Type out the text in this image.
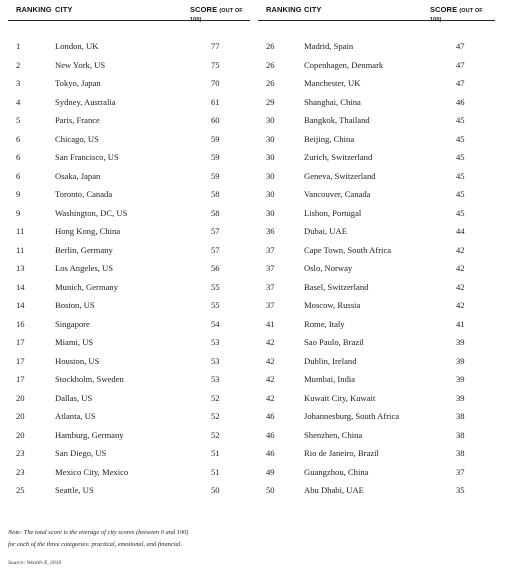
RANKING CITY	SCORE (OUT OF 100)
1	London, UK	77
2	New York, US	75
3	Tokyo, Japan	70
4	Sydney, Australia	61
5	Paris, France	60
6	Chicago, US	59
6	San Francisco, US	59
6	Osaka, Japan	59
9	Toronto, Canada	58
9	Washington, DC, US	58
11	Hong Kong, China	57
11	Berlin, Germany	57
13	Los Angeles, US	56
14	Munich, Germany	55
14	Boston, US	55
16	Singapore	54
17	Miami, US	53
17	Houston, US	53
17	Stockholm, Sweden	53
20	Dallas, US	52
20	Atlanta, US	52
20	Hamburg, Germany	52
23	San Diego, US	51
23	Mexico City, Mexico	51
25	Seattle, US	50
RANKING CITY	SCORE (OUT OF 100)
26	Madrid, Spain	47
26	Copenhagen, Denmark	47
26	Manchester, UK	47
29	Shanghai, China	46
30	Bangkok, Thailand	45
30	Beijing, China	45
30	Zurich, Switzerland	45
30	Geneva, Switzerland	45
30	Vancouver, Canada	45
30	Lisbon, Portugal	45
36	Dubai, UAE	44
37	Cape Town, South Africa	42
37	Oslo, Norway	42
37	Basel, Switzerland	42
37	Moscow, Russia	42
41	Rome, Italy	41
42	Sao Paulo, Brazil	39
42	Dublin, Ireland	39
42	Mumbai, India	39
42	Kuwait City, Kuwait	39
46	Johannesburg, South Africa	38
46	Shenzhen, China	38
46	Rio de Janeiro, Brazil	38
49	Guangzhou, China	37
50	Abu Dhabi, UAE	35
Note: The total score is the average of city scores (between 0 and 100)
for each of the three categories: practical, emotional, and financial.
Source: Wealth-X, 2016
